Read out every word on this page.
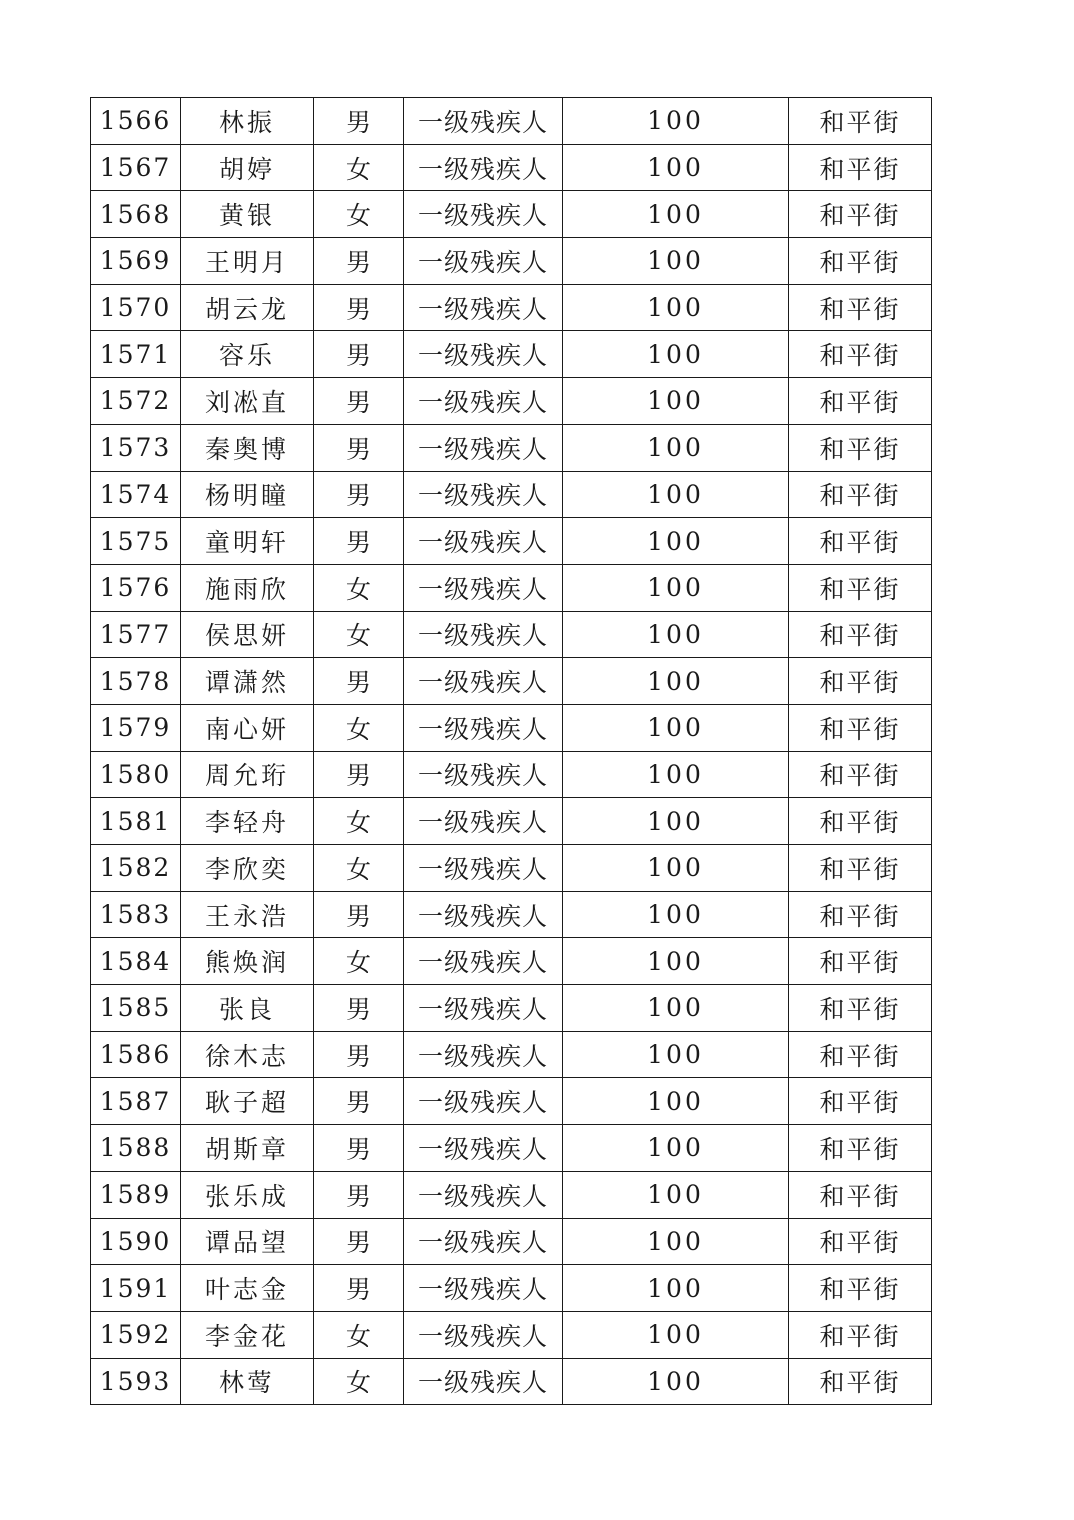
1566	林振	男	一级残疾人	100	和平街
1567	胡婷	女	一级残疾人	100	和平街
1568	黄银	女	一级残疾人	100	和平街
1569	王明月	男	一级残疾人	100	和平街
1570	胡云龙	男	一级残疾人	100	和平街
1571	容乐	男	一级残疾人	100	和平街
1572	刘凇直	男	一级残疾人	100	和平街
1573	秦奥博	男	一级残疾人	100	和平街
1574	杨明瞳	男	一级残疾人	100	和平街
1575	童明轩	男	一级残疾人	100	和平街
1576	施雨欣	女	一级残疾人	100	和平街
1577	侯思妍	女	一级残疾人	100	和平街
1578	谭潇然	男	一级残疾人	100	和平街
1579	南心妍	女	一级残疾人	100	和平街
1580	周允珩	男	一级残疾人	100	和平街
1581	李轻舟	女	一级残疾人	100	和平街
1582	李欣奕	女	一级残疾人	100	和平街
1583	王永浩	男	一级残疾人	100	和平街
1584	熊焕润	女	一级残疾人	100	和平街
1585	张良	男	一级残疾人	100	和平街
1586	徐木志	男	一级残疾人	100	和平街
1587	耿子超	男	一级残疾人	100	和平街
1588	胡斯章	男	一级残疾人	100	和平街
1589	张乐成	男	一级残疾人	100	和平街
1590	谭品望	男	一级残疾人	100	和平街
1591	叶志金	男	一级残疾人	100	和平街
1592	李金花	女	一级残疾人	100	和平街
1593	林莺	女	一级残疾人	100	和平街
